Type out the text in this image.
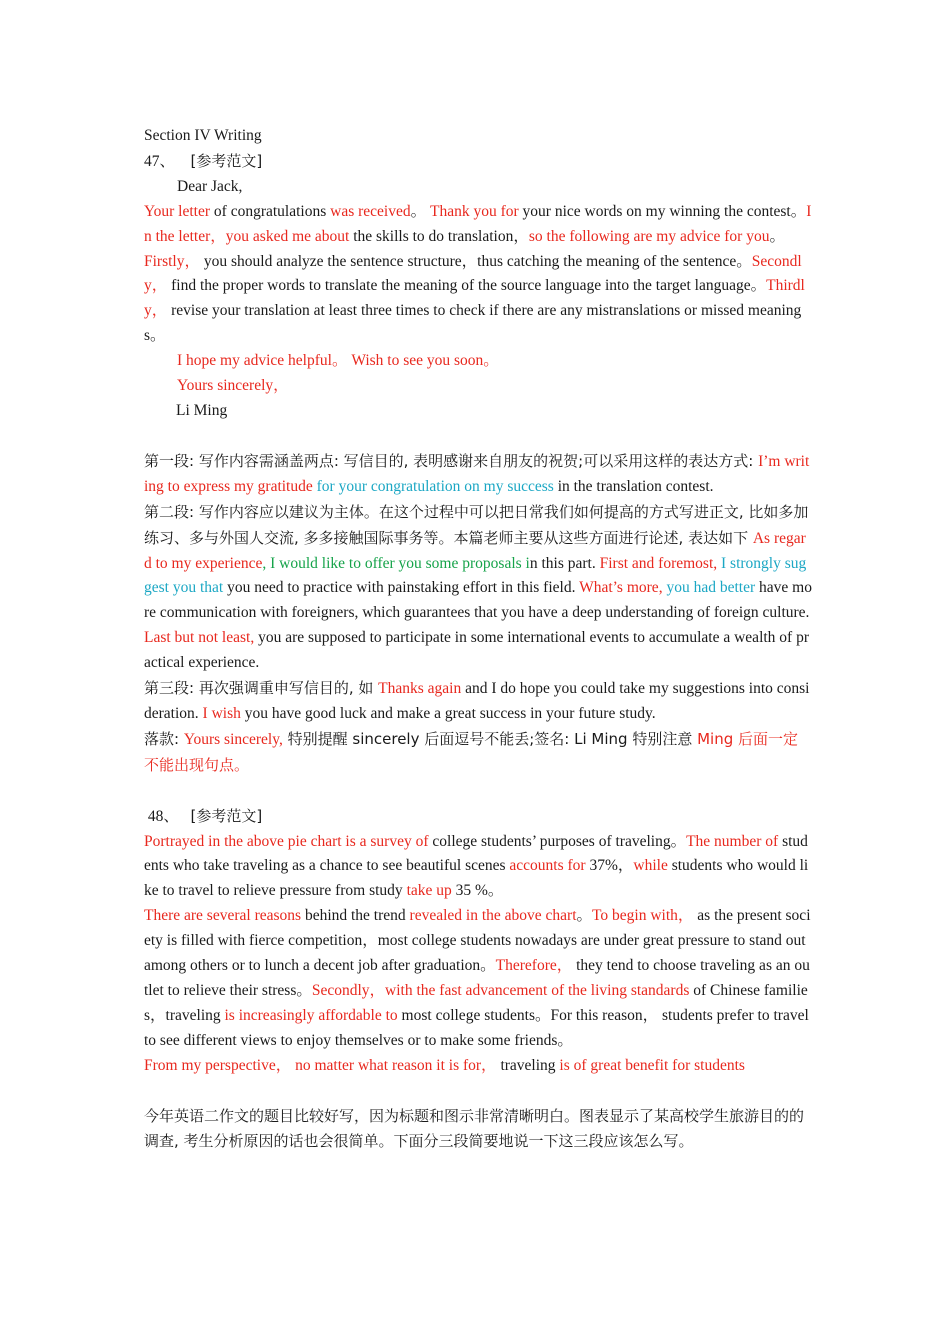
Section IV Writing

47、 [参考范文]

Dear Jack,

Your letter of congratulations was received。 Thank you for your nice words on my winning the contest。In the letter，you asked me about the skills to do translation，so the following are my advice for you。

Firstly， you should analyze the sentence structure，thus catching the meaning of the sentence。Secondly， find the proper words to translate the meaning of the source language into the target language。Thirdly， revise your translation at least three times to check if there are any mistranslations or missed meanings。

I hope my advice helpful。 Wish to see you soon。

Yours sincerely，

Li Ming

第一段: 写作内容需涵盖两点: 写信目的, 表明感谢来自朋友的祝贺;可以采用这样的表达方式: I’m writing to express my gratitude for your congratulation on my success in the translation contest.

第二段: 写作内容应以建议为主体。在这个过程中可以把日常我们如何提高的方式写进正文, 比如多加练习、多与外国人交流, 多多接触国际事务等。本篇老师主要从这些方面进行论述, 表达如下 As regard to my experience, I would like to offer you some proposals in this part. First and foremost, I strongly suggest you that you need to practice with painstaking effort in this field. What’s more, you had better have more communication with foreigners, which guarantees that you have a deep understanding of foreign culture. Last but not least, you are supposed to participate in some international events to accumulate a wealth of practical experience.

第三段: 再次强调重申写信目的, 如 Thanks again and I do hope you could take my suggestions into consideration. I wish you have good luck and make a great success in your future study.

落款: Yours sincerely, 特别提醒 sincerely 后面逗号不能丢;签名: Li Ming 特别注意 Ming 后面一定不能出现句点。

48、 [参考范文]

Portrayed in the above pie chart is a survey of college students’ purposes of traveling。The number of students who take traveling as a chance to see beautiful scenes accounts for 37%，while students who would like to travel to relieve pressure from study take up 35 %。

There are several reasons behind the trend revealed in the above chart。To begin with， as the present society is filled with fierce competition，most college students nowadays are under great pressure to stand out among others or to lunch a decent job after graduation。Therefore， they tend to choose traveling as an outlet to relieve their stress。Secondly，with the fast advancement of the living standards of Chinese families，traveling is increasingly affordable to most college students。For this reason， students prefer to travel to see different views to enjoy themselves or to make some friends。

From my perspective， no matter what reason it is for， traveling is of great benefit for students

今年英语二作文的题目比较好写，因为标题和图示非常清晰明白。图表显示了某高校学生旅游目的的调查, 考生分析原因的话也会很简单。下面分三段简要地说一下这三段应该怎么写。
